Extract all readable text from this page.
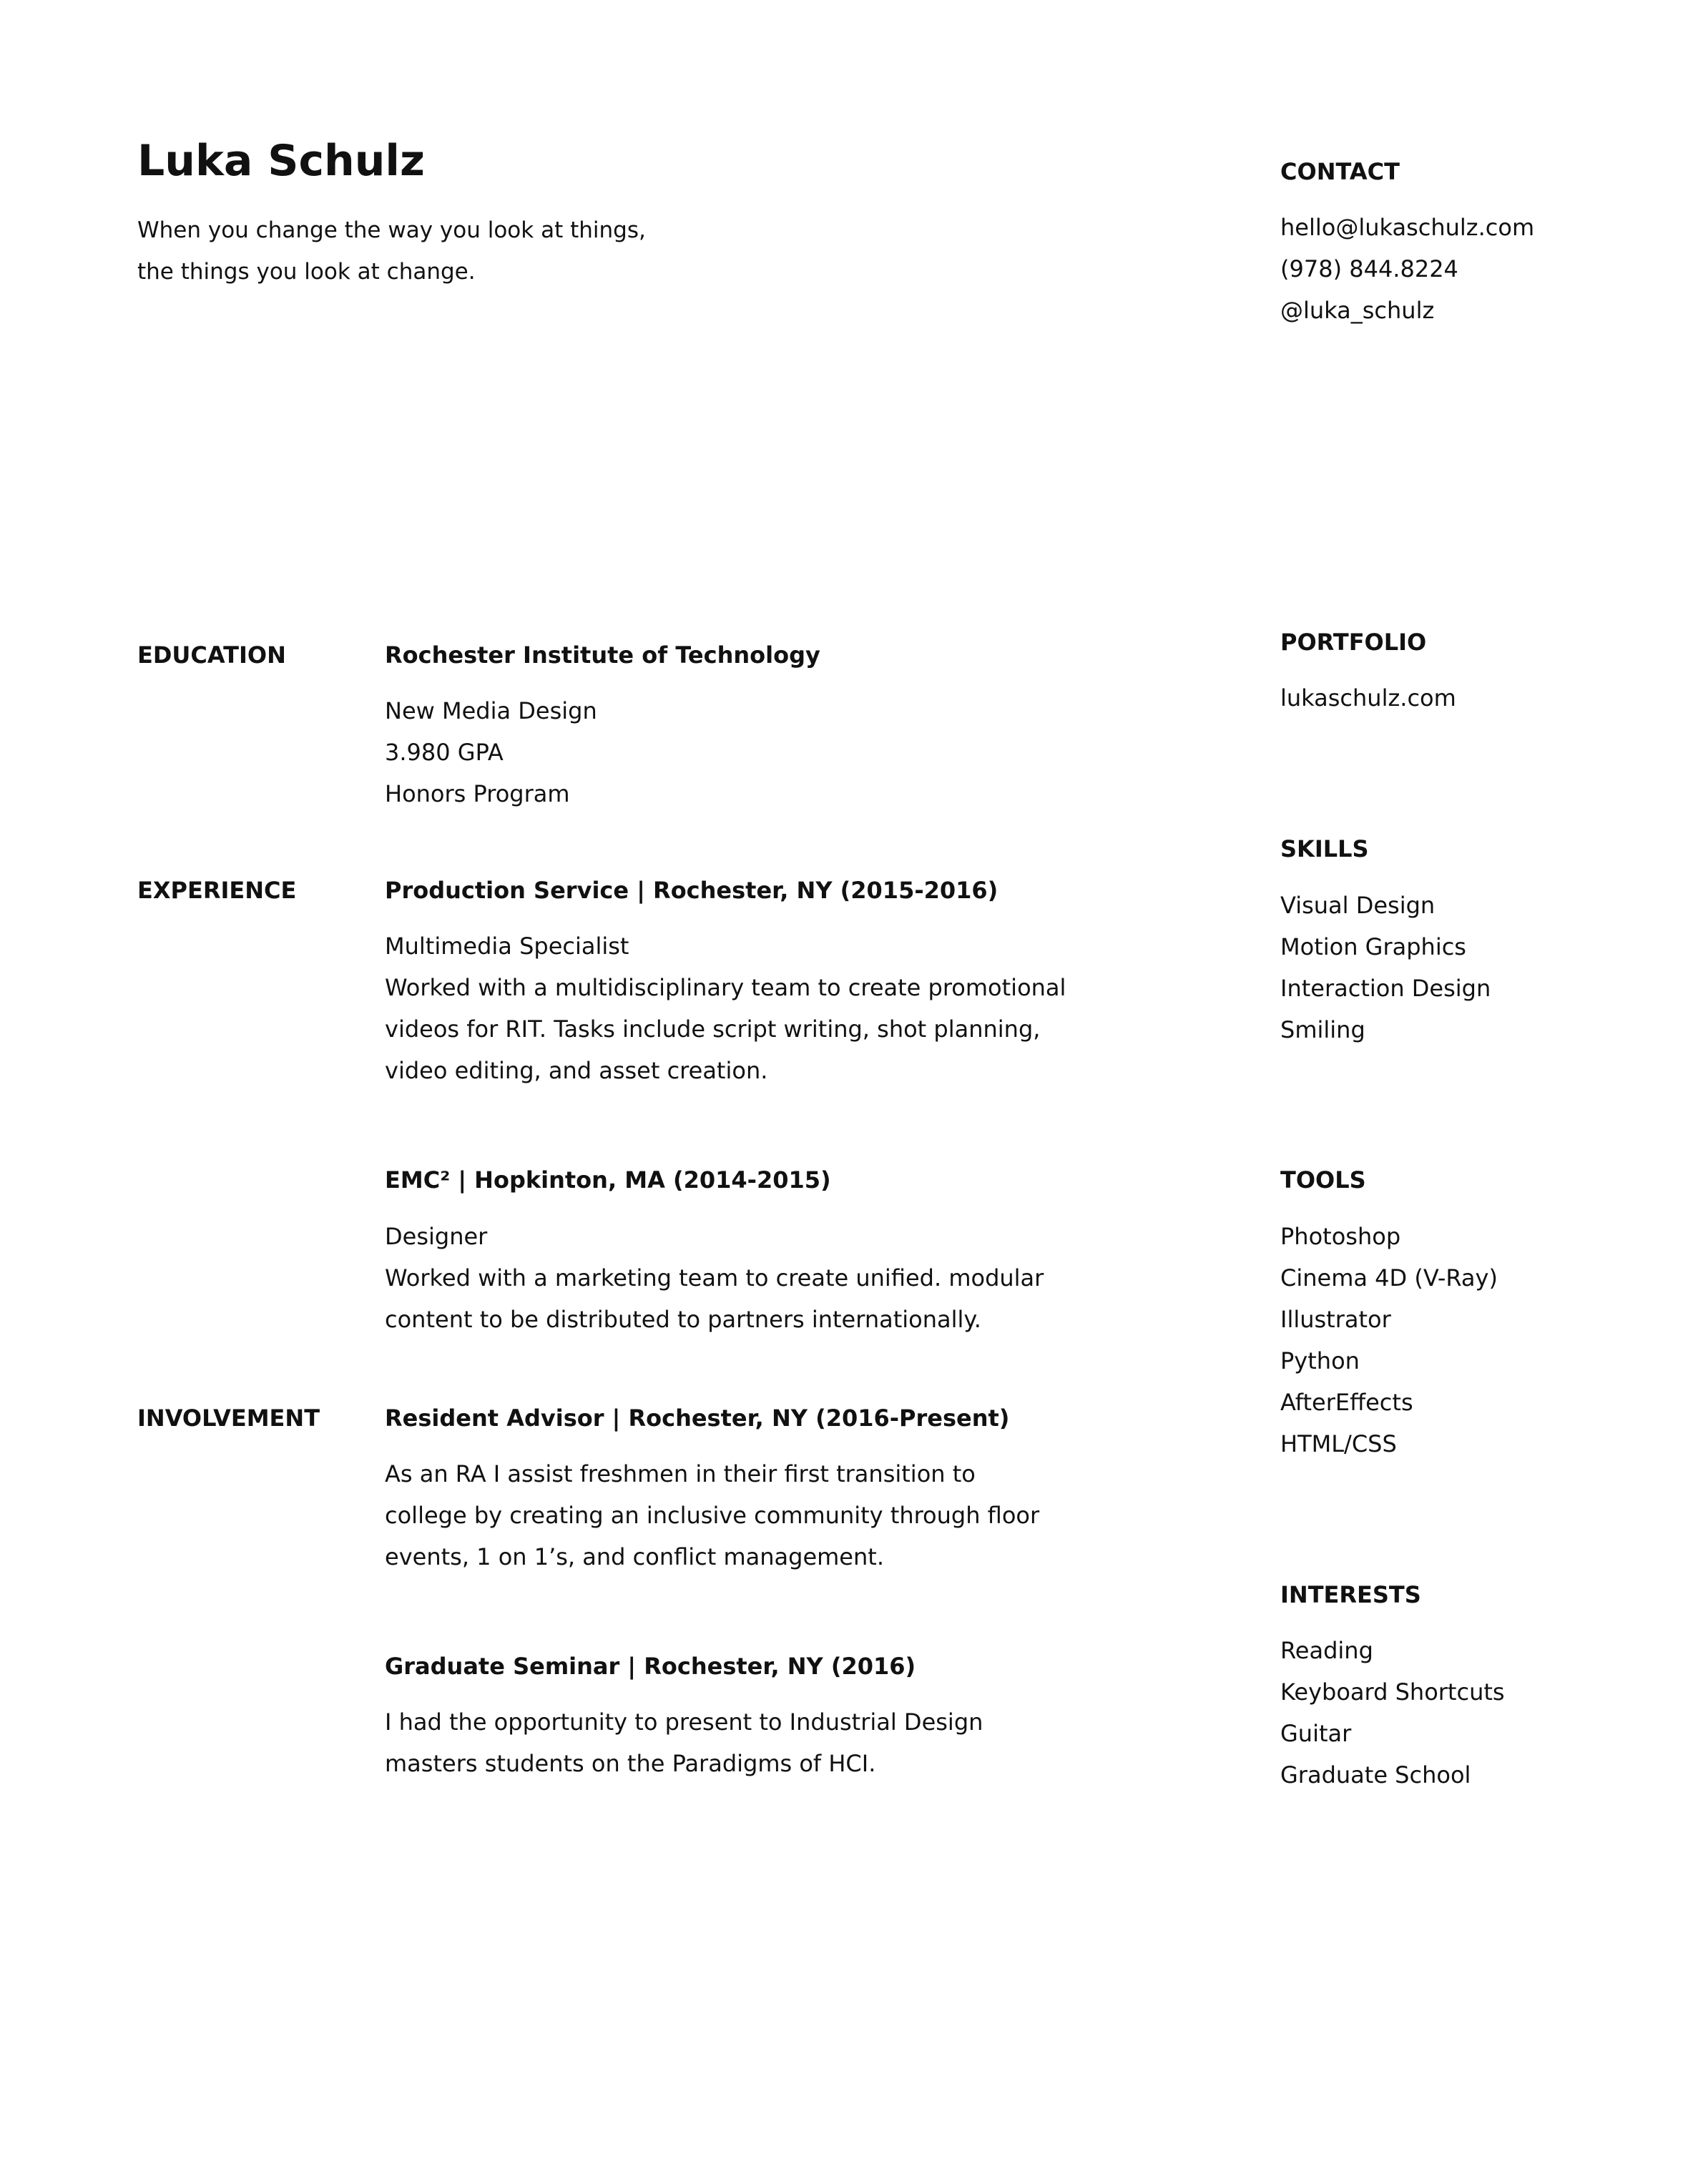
Luka Schulz
When you change the way you look at things,
the things you look at change.
CONTACT
hello@lukaschulz.com
(978) 844.8224
@luka_schulz
PORTFOLIO
lukaschulz.com
SKILLS
Visual Design
Motion Graphics
Interaction Design
Smiling
TOOLS
Photoshop
Cinema 4D (V-Ray)
Illustrator
Python
AfterEffects
HTML/CSS
INTERESTS
Reading
Keyboard Shortcuts
Guitar
Graduate School
EDUCATION	Rochester Institute of Technology
New Media Design
3.980 GPA
Honors Program
EXPERIENCE	Production Service | Rochester, NY (2015-2016)
Multimedia Specialist
Worked with a multidisciplinary team to create promotional
videos for RIT. Tasks include script writing, shot planning,
video editing, and asset creation.
EMC² | Hopkinton, MA (2014-2015)
Designer
Worked with a marketing team to create unified. modular
content to be distributed to partners internationally.
INVOLVEMENT	Resident Advisor | Rochester, NY (2016-Present)
As an RA I assist freshmen in their first transition to
college by creating an inclusive community through floor
events, 1 on 1’s, and conflict management.
Graduate Seminar | Rochester, NY (2016)
I had the opportunity to present to Industrial Design
masters students on the Paradigms of HCI.
